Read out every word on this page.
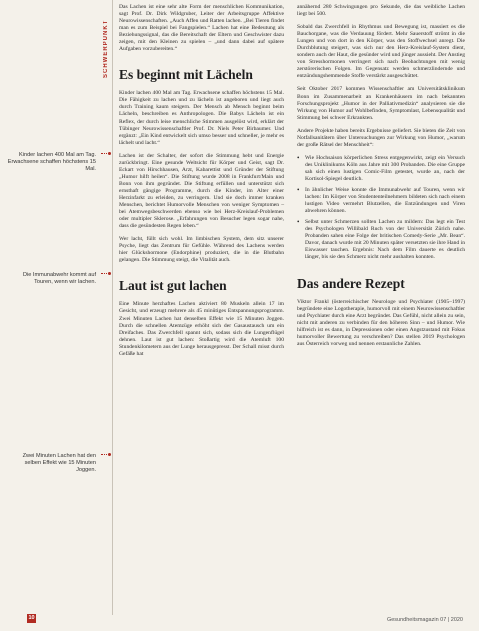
Kinder lachen 400 Mal am Tag. Erwachsene schaffen höchstens 15 Mal.
Die Immunabwehr kommt auf Touren, wenn wir lachen.
Zwei Minuten Lachen hat den selben Effekt wie 15 Minuten Joggen.
SCHWERPUNKT

Das Lachen ist eine sehr alte Form der menschlichen Kommunikation, sagt Prof. Dr. Dirk Wildgruber, Leiter der Arbeitsgruppe Affektive Neurowissenschaften. „Auch Affen und Ratten lachen. „Bei Tieren findet man es zum Beispiel bei Fangspielen.“ Lachen hat eine Bedeutung als Beziehungssignal, das die Bereitschaft der Eltern und Geschwister dazu zeigen, mit den Kleinen zu spielen – „und dann dabei auf spätere Aufgaben vorzubereiten.“

Es beginnt mit Lächeln

Kinder lachen 400 Mal am Tag. Erwachsene schaffen höchstens 15 Mal. Die Fähigkeit zu lachen und zu lächeln ist angeboren und liegt auch durch Training kaum steigern. Der Mensch ab Mensch beginnt beim Lächeln, beschreiben es Anthropologen. Die Babys Lächeln ist ein Reflex, der durch leise menschliche Stimmen ausgelöst wird, erklärt der Tübinger Neurowissenschaftler Prof. Dr. Niels Peter Birbaumer. Und ergänzt: „Ein Kind entwickelt sich umso besser und schneller, je mehr es lächelt und lacht.“

Lachen ist der Schalter, der sofort die Stimmung hebt und Energie zurückbringt. Eine gesunde Weltsicht für Körper und Geist, sagt Dr. Eckart von Hirschhausen, Arzt, Kabarettist und Gründer der Stiftung „Humor hilft heilen“. Die Stiftung wurde 2008 in Frankfurt/Main und Bonn von ihm gegründet. Die Stiftung erfüllen und unterstützt sich ernsthaft gängige Programme, durch die Kinder, im Alter einer Herzinfarkt zu erleiden, zu verringern. Und sie doch immer kranken Menschen, berichtet Humorvolle Menschen von weniger Symptomen – bei Atemwegsbeschwerden ebenso wie bei Herz-Kreislauf-Problemen oder multipler Sklerose. „Erfahrungen von Besucher legen sogar nahe, dass die gesündesten Regen leben.“

Wer lacht, füllt sich wohl. Im limbischen System, dem sitz unserer Psyche, liegt das Zentrum für Gefühle. Während des Lachens werden hier Glückshormone (Endorphine) produziert, die in die Blutbahn gelangen. Die Stimmung steigt, die Vitalität auch.

Laut ist gut lachen

Eine Minute herzhaftes Lachen aktiviert 80 Muskeln allein 17 im Gesicht, und erzeugt mehrere als 45 minütiges Entspannungsprogramm. Zwei Minuten Lachen hat denselben Effekt wie 15 Minuten Joggen. Durch die schnellen Atemzüge erhöht sich der Gasaustausch um ein Dreifaches. Das Zwerchfell spannt sich, sodass sich die Lungenflügel dehnen. Laut ist gut lachen: Stoßartig wird die Atemluft 100 Stundenkilometern aus der Lunge herausgepresst. Der Schall misst durch Gefäße hat

annähernd 280 Schwingungen pro Sekunde, die das weibliche Lachen liegt bei 500.

Sobald das Zwerchfell in Rhythmus und Bewegung ist, massiert es die Bauchorgane, was die Verdauung fördert. Mehr Sauerstoff strömt in die Lungen und von dort in den Körper, was den Stoffwechsel anregt. Die Durchblutung steigert, was sich nur den Herz-Kreislauf-System dient, sondern auch der Haut, die gesünder wird und jünger aussieht. Der Anstieg von Stresshormonen verringert sich nach Beobachtungen mit wenig zerstörerischen Folgen. Im Gegensatz werden schmerzlindernde und entzündungshemmende Stoffe verstärkt ausgeschüttet.

Seit Oktober 2017 kommen Wissenschaftler am Universitätsklinikum Bonn im Zusammenarbeit an Krankenhäusern im nach bekannten Forschungsprojekt „Humor in der Palliativmedizin“ analysieren sie die Wirkung von Humor auf Wohlbefinden, Symptomlast, Lebensqualität und Stimmung bei schwer Erkrankten.

Andere Projekte haben bereits Ergebnisse geliefert. Sie bieten die Zeit von Notfallsanitätern über Untersuchungen zur Wirkung von Humor, „warum der große Rätsel der Menschheit“:

• Wie Hochsaison körperlichen Stress entgegenwirkt, zeigt ein Versuch des Uniklinikums Köln aus Jahre mit 300 Probanden. Die eine Gruppe sah sich einen lustigen Comic-Film getestet, wurde an, nach der Kortisol-Spiegel deutlich.
• In ähnlicher Weise konnte die Immunabwehr auf Touren, wenn wir lachen: Im Körper von Studententeilnehmern bildeten sich nach einem lustigen Video vermehrt Blutzellen, die Entzündungen und Viren abwehren können.
• Selbst unter Schmerzen sollten Lachen zu mildern: Das legt ein Test des Psychologen Willibald Ruch von der Universität Zürich nahe. Probanden sahen eine Folge der britischen Comedy-Serie „Mr. Bean“. Davor, danach wurde mit 20 Minuten später versetzten sie ihre Hand in Eiswasser tauchen. Ergebnis: Nach dem Film dauerte es deutlich länger, bis sie den Schmerz nicht mehr aushalten konnten.
Das andere Rezept

Viktor Frankl (österreichischer Neurologe und Psychiater (1905–1997) begründete eine Logotherapie, humorvoll mit einem Neurowissenschaftler und Psychiater durch eine Arzt begründet. Das Gefühl, nicht allein zu sein, nicht mit anderen zu verbinden für den höheren Sinn – und Humor. Wie hilfreich ist es dann, in Depressionen oder einen Angstzustand mit Fokus humorvoller Bewertung zu verschreiben? Das stellen 2019 Psychologen aus Österreich vorweg und nennen erstaunliche Zahlen.

10	Gesundheitsmagazin 07 | 2020
